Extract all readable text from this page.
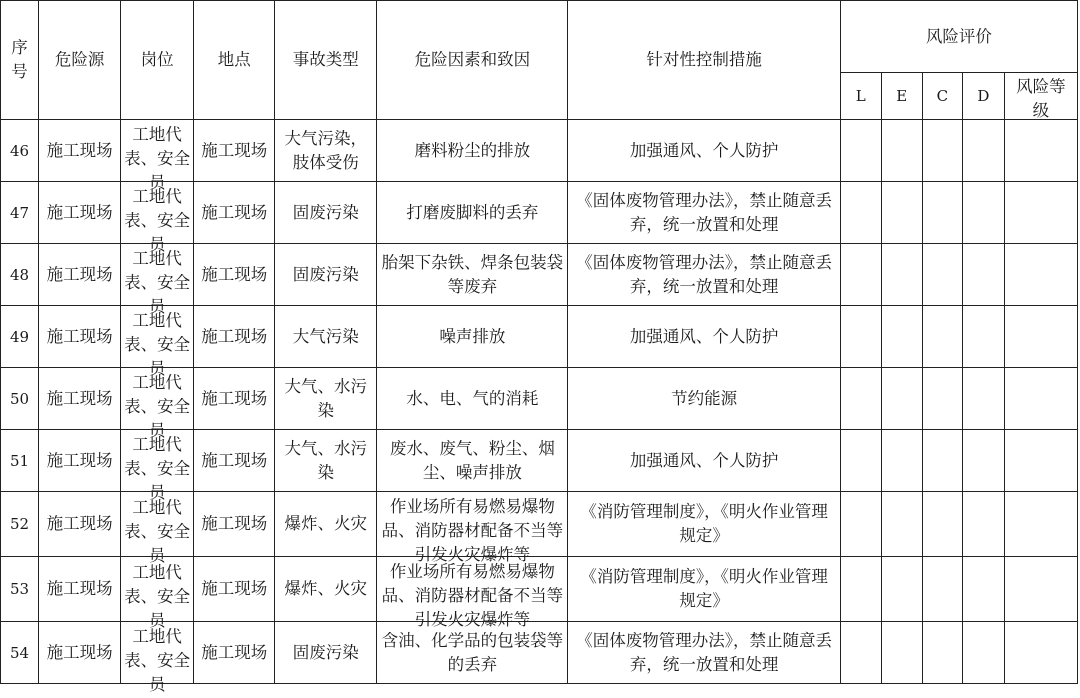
序号	危险源	岗位	地点	事故类型	危险因素和致因	针对性控制措施	风险评价				
							L	E	C	D	风险等级

46	施工现场	工地代表、安全员	施工现场	大气污染，肢体受伤	磨料粉尘的排放	加强通风、个人防护					

47	施工现场	工地代表、安全员	施工现场	固废污染	打磨废脚料的丢弃	《固体废物管理办法》，禁止随意丢弃，统一放置和处理					

48	施工现场	工地代表、安全员	施工现场	固废污染	胎架下杂铁、焊条包装袋等废弃	《固体废物管理办法》，禁止随意丢弃，统一放置和处理					

49	施工现场	工地代表、安全员	施工现场	大气污染	噪声排放	加强通风、个人防护					

50	施工现场	工地代表、安全员	施工现场	大气、水污染	水、电、气的消耗	节约能源					

51	施工现场	工地代表、安全员	施工现场	大气、水污染	废水、废气、粉尘、烟尘、噪声排放	加强通风、个人防护					

52	施工现场	工地代表、安全员	施工现场	爆炸、火灾	作业场所有易燃易爆物品、消防器材配备不当等引发火灾爆炸等	《消防管理制度》，《明火作业管理规定》					

53	施工现场	工地代表、安全员	施工现场	爆炸、火灾	作业场所有易燃易爆物品、消防器材配备不当等引发火灾爆炸等	《消防管理制度》，《明火作业管理规定》					

54	施工现场	工地代表、安全员	施工现场	固废污染	含油、化学品的包装袋等的丢弃	《固体废物管理办法》，禁止随意丢弃，统一放置和处理					
